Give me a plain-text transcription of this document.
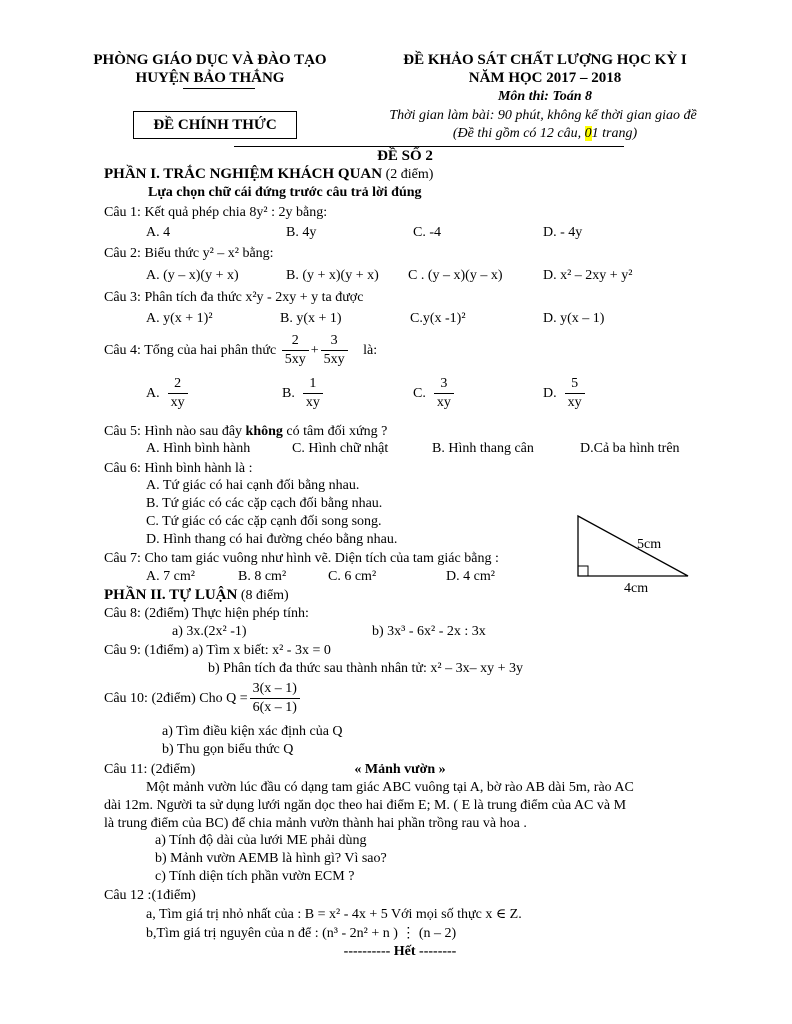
PHÒNG GIÁO DỤC VÀ ĐÀO TẠO
HUYỆN BẢO THẮNG
ĐỀ CHÍNH THỨC
ĐỀ KHẢO SÁT CHẤT LƯỢNG HỌC KỲ I
NĂM HỌC 2017 – 2018
Môn thi: Toán 8
Thời gian làm bài: 90 phút, không kể thời gian giao đề
(Đề thi gồm có 12 câu, 01 trang)
ĐỀ SỐ 2
PHẦN I. TRẮC NGHIỆM KHÁCH QUAN (2 điểm)
Lựa chọn chữ cái đứng trước câu trả lời đúng
Câu 1: Kết quả phép chia 8y² : 2y bằng:
A. 4	B. 4y	C. -4	D. - 4y
Câu 2: Biểu thức y² – x² bằng:
A. (y – x)(y + x)	B. (y + x)(y + x) C . (y – x)(y – x)	D. x² – 2xy + y²
Câu 3: Phân tích đa thức x²y - 2xy + y ta được
A. y(x + 1)²	B. y(x + 1)	C.y(x -1)²	D. y(x – 1)
Câu 4: Tổng của hai phân thức $\frac{2}{5xy} + \frac{3}{5xy}$ là:
A. $\frac{2}{xy}$	B. $\frac{1}{xy}$	C. $\frac{3}{xy}$	D. $\frac{5}{xy}$
Câu 5: Hình nào sau đây không có tâm đối xứng ?
A. Hình bình hành	C. Hình chữ nhật	B. Hình thang cân	D.Cả ba hình trên
Câu 6: Hình bình hành là :
A. Tứ giác có hai cạnh đối bằng nhau.
B. Tứ giác có các cặp cạch đối bằng nhau.
C. Tứ giác có các cặp cạnh đối song song.
D. Hình thang có hai đường chéo bằng nhau.	5cm
4cm
Câu 7: Cho tam giác vuông như hình vẽ. Diện tích của tam giác bằng :
A. 7 cm²	B. 8 cm²	C. 6 cm²	D. 4 cm²
PHẦN II. TỰ LUẬN (8 điểm)
Câu 8: (2điểm) Thực hiện phép tính:
a) 3x.(2x² -1)	b) 3x³ - 6x² - 2x : 3x
Câu 9: (1điểm) a) Tìm x biết: x² - 3x = 0
b) Phân tích đa thức sau thành nhân tử: x² – 3x– xy + 3y
Câu 10: (2điểm) Cho $Q = \frac{3(x - 1)}{6(x - 1)}$
a) Tìm điều kiện xác định của Q
b) Thu gọn biểu thức Q
Câu 11: (2điểm)	« Mảnh vườn »
Một mảnh vườn lúc đầu có dạng tam giác ABC vuông tại A, bờ rào AB dài 5m, rào AC
dài 12m. Người ta sử dụng lưới ngăn dọc theo hai điểm E; M. ( E là trung điểm của AC và M
là trung điểm của BC) để chia mảnh vườn thành hai phần trồng rau và hoa .
a) Tính độ dài của lưới ME phải dùng
b) Mảnh vườn AEMB là hình gì? Vì sao?
c) Tính diện tích phần vườn ECM ?
Câu 12 :(1điểm)
a, Tìm giá trị nhỏ nhất của : B = x² - 4x + 5 Với mọi số thực x ∈ Z.
b,Tìm giá trị nguyên của n để : (n³ - 2n² + n ) ⋮ (n – 2)
---------- Hết --------
